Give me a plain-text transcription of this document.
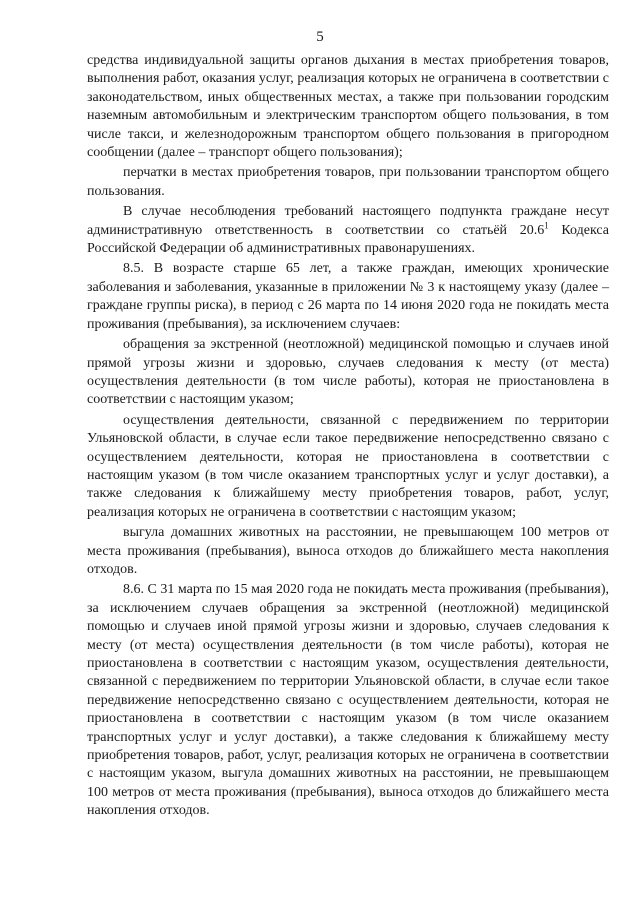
5

средства индивидуальной защиты органов дыхания в местах приобретения товаров, выполнения работ, оказания услуг, реализация которых не ограничена в соответствии с законодательством, иных общественных местах, а также при пользовании городским наземным автомобильным и электрическим транспортом общего пользования, в том числе такси, и железнодорожным транспортом общего пользования в пригородном сообщении (далее – транспорт общего пользования);

перчатки в местах приобретения товаров, при пользовании транспортом общего пользования.

В случае несоблюдения требований настоящего подпункта граждане несут административную ответственность в соответствии со статьёй 20.6$^1$ Кодекса Российской Федерации об административных правонарушениях.

8.5. В возрасте старше 65 лет, а также граждан, имеющих хронические заболевания и заболевания, указанные в приложении № 3 к настоящему указу (далее – граждане группы риска), в период с 26 марта по 14 июня 2020 года не покидать места проживания (пребывания), за исключением случаев:

обращения за экстренной (неотложной) медицинской помощью и случаев иной прямой угрозы жизни и здоровью, случаев следования к месту (от места) осуществления деятельности (в том числе работы), которая не приостановлена в соответствии с настоящим указом;

осуществления деятельности, связанной с передвижением по территории Ульяновской области, в случае если такое передвижение непосредственно связано с осуществлением деятельности, которая не приостановлена в соответствии с настоящим указом (в том числе оказанием транспортных услуг и услуг доставки), а также следования к ближайшему месту приобретения товаров, работ, услуг, реализация которых не ограничена в соответствии с настоящим указом;

выгула домашних животных на расстоянии, не превышающем 100 метров от места проживания (пребывания), выноса отходов до ближайшего места накопления отходов.

8.6. С 31 марта по 15 мая 2020 года не покидать места проживания (пребывания), за исключением случаев обращения за экстренной (неотложной) медицинской помощью и случаев иной прямой угрозы жизни и здоровью, случаев следования к месту (от места) осуществления деятельности (в том числе работы), которая не приостановлена в соответствии с настоящим указом, осуществления деятельности, связанной с передвижением по территории Ульяновской области, в случае если такое передвижение непосредственно связано с осуществлением деятельности, которая не приостановлена в соответствии с настоящим указом (в том числе оказанием транспортных услуг и услуг доставки), а также следования к ближайшему месту приобретения товаров, работ, услуг, реализация которых не ограничена в соответствии с настоящим указом, выгула домашних животных на расстоянии, не превышающем 100 метров от места проживания (пребывания), выноса отходов до ближайшего места накопления отходов.
